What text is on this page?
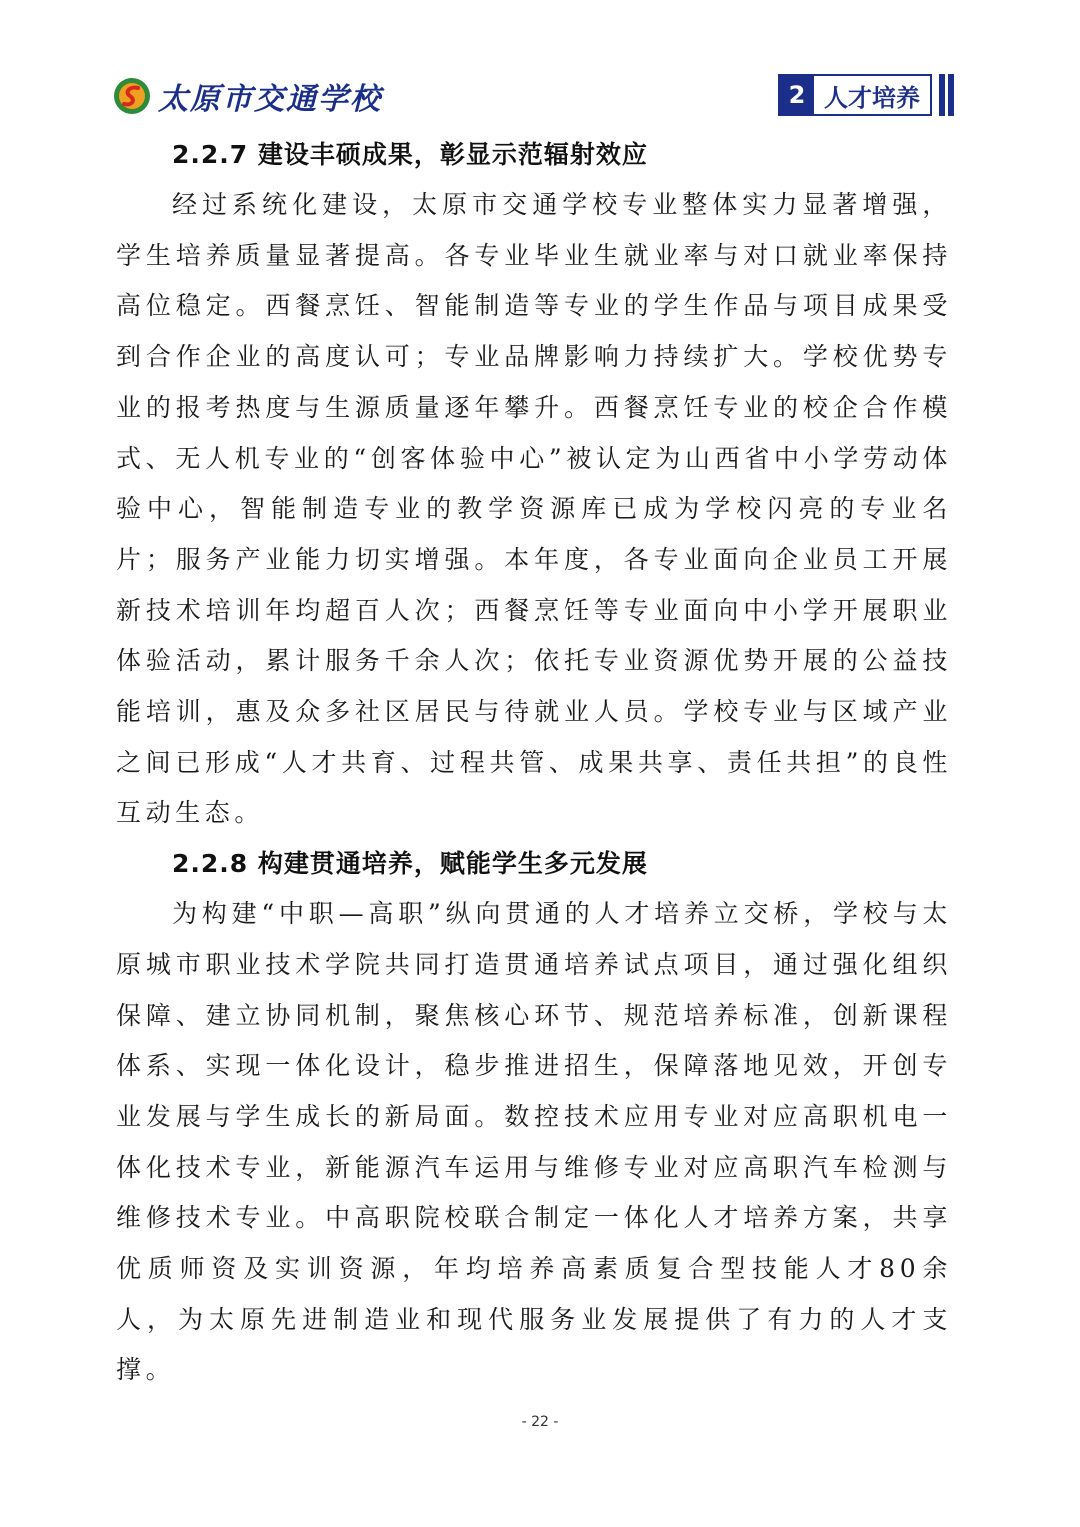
太原市交通学校	2 人才培养
2.2.7 建设丰硕成果，彰显示范辐射效应

经过系统化建设，太原市交通学校专业整体实力显著增强，学生培养质量显著提高。各专业毕业生就业率与对口就业率保持高位稳定。西餐烹饪、智能制造等专业的学生作品与项目成果受到合作企业的高度认可；专业品牌影响力持续扩大。学校优势专业的报考热度与生源质量逐年攀升。西餐烹饪专业的校企合作模式、无人机专业的“创客体验中心”被认定为山西省中小学劳动体验中心，智能制造专业的教学资源库已成为学校闪亮的专业名片；服务产业能力切实增强。本年度，各专业面向企业员工开展新技术培训年均超百人次；西餐烹饪等专业面向中小学开展职业体验活动，累计服务千余人次；依托专业资源优势开展的公益技能培训，惠及众多社区居民与待就业人员。学校专业与区域产业之间已形成“人才共育、过程共管、成果共享、责任共担”的良性互动生态。

2.2.8 构建贯通培养，赋能学生多元发展

为构建“中职—高职”纵向贯通的人才培养立交桥，学校与太原城市职业技术学院共同打造贯通培养试点项目，通过强化组织保障、建立协同机制，聚焦核心环节、规范培养标准，创新课程体系、实现一体化设计，稳步推进招生，保障落地见效，开创专业发展与学生成长的新局面。数控技术应用专业对应高职机电一体化技术专业，新能源汽车运用与维修专业对应高职汽车检测与维修技术专业。中高职院校联合制定一体化人才培养方案，共享优质师资及实训资源，年均培养高素质复合型技能人才80余人，为太原先进制造业和现代服务业发展提供了有力的人才支撑。

- 22 -
